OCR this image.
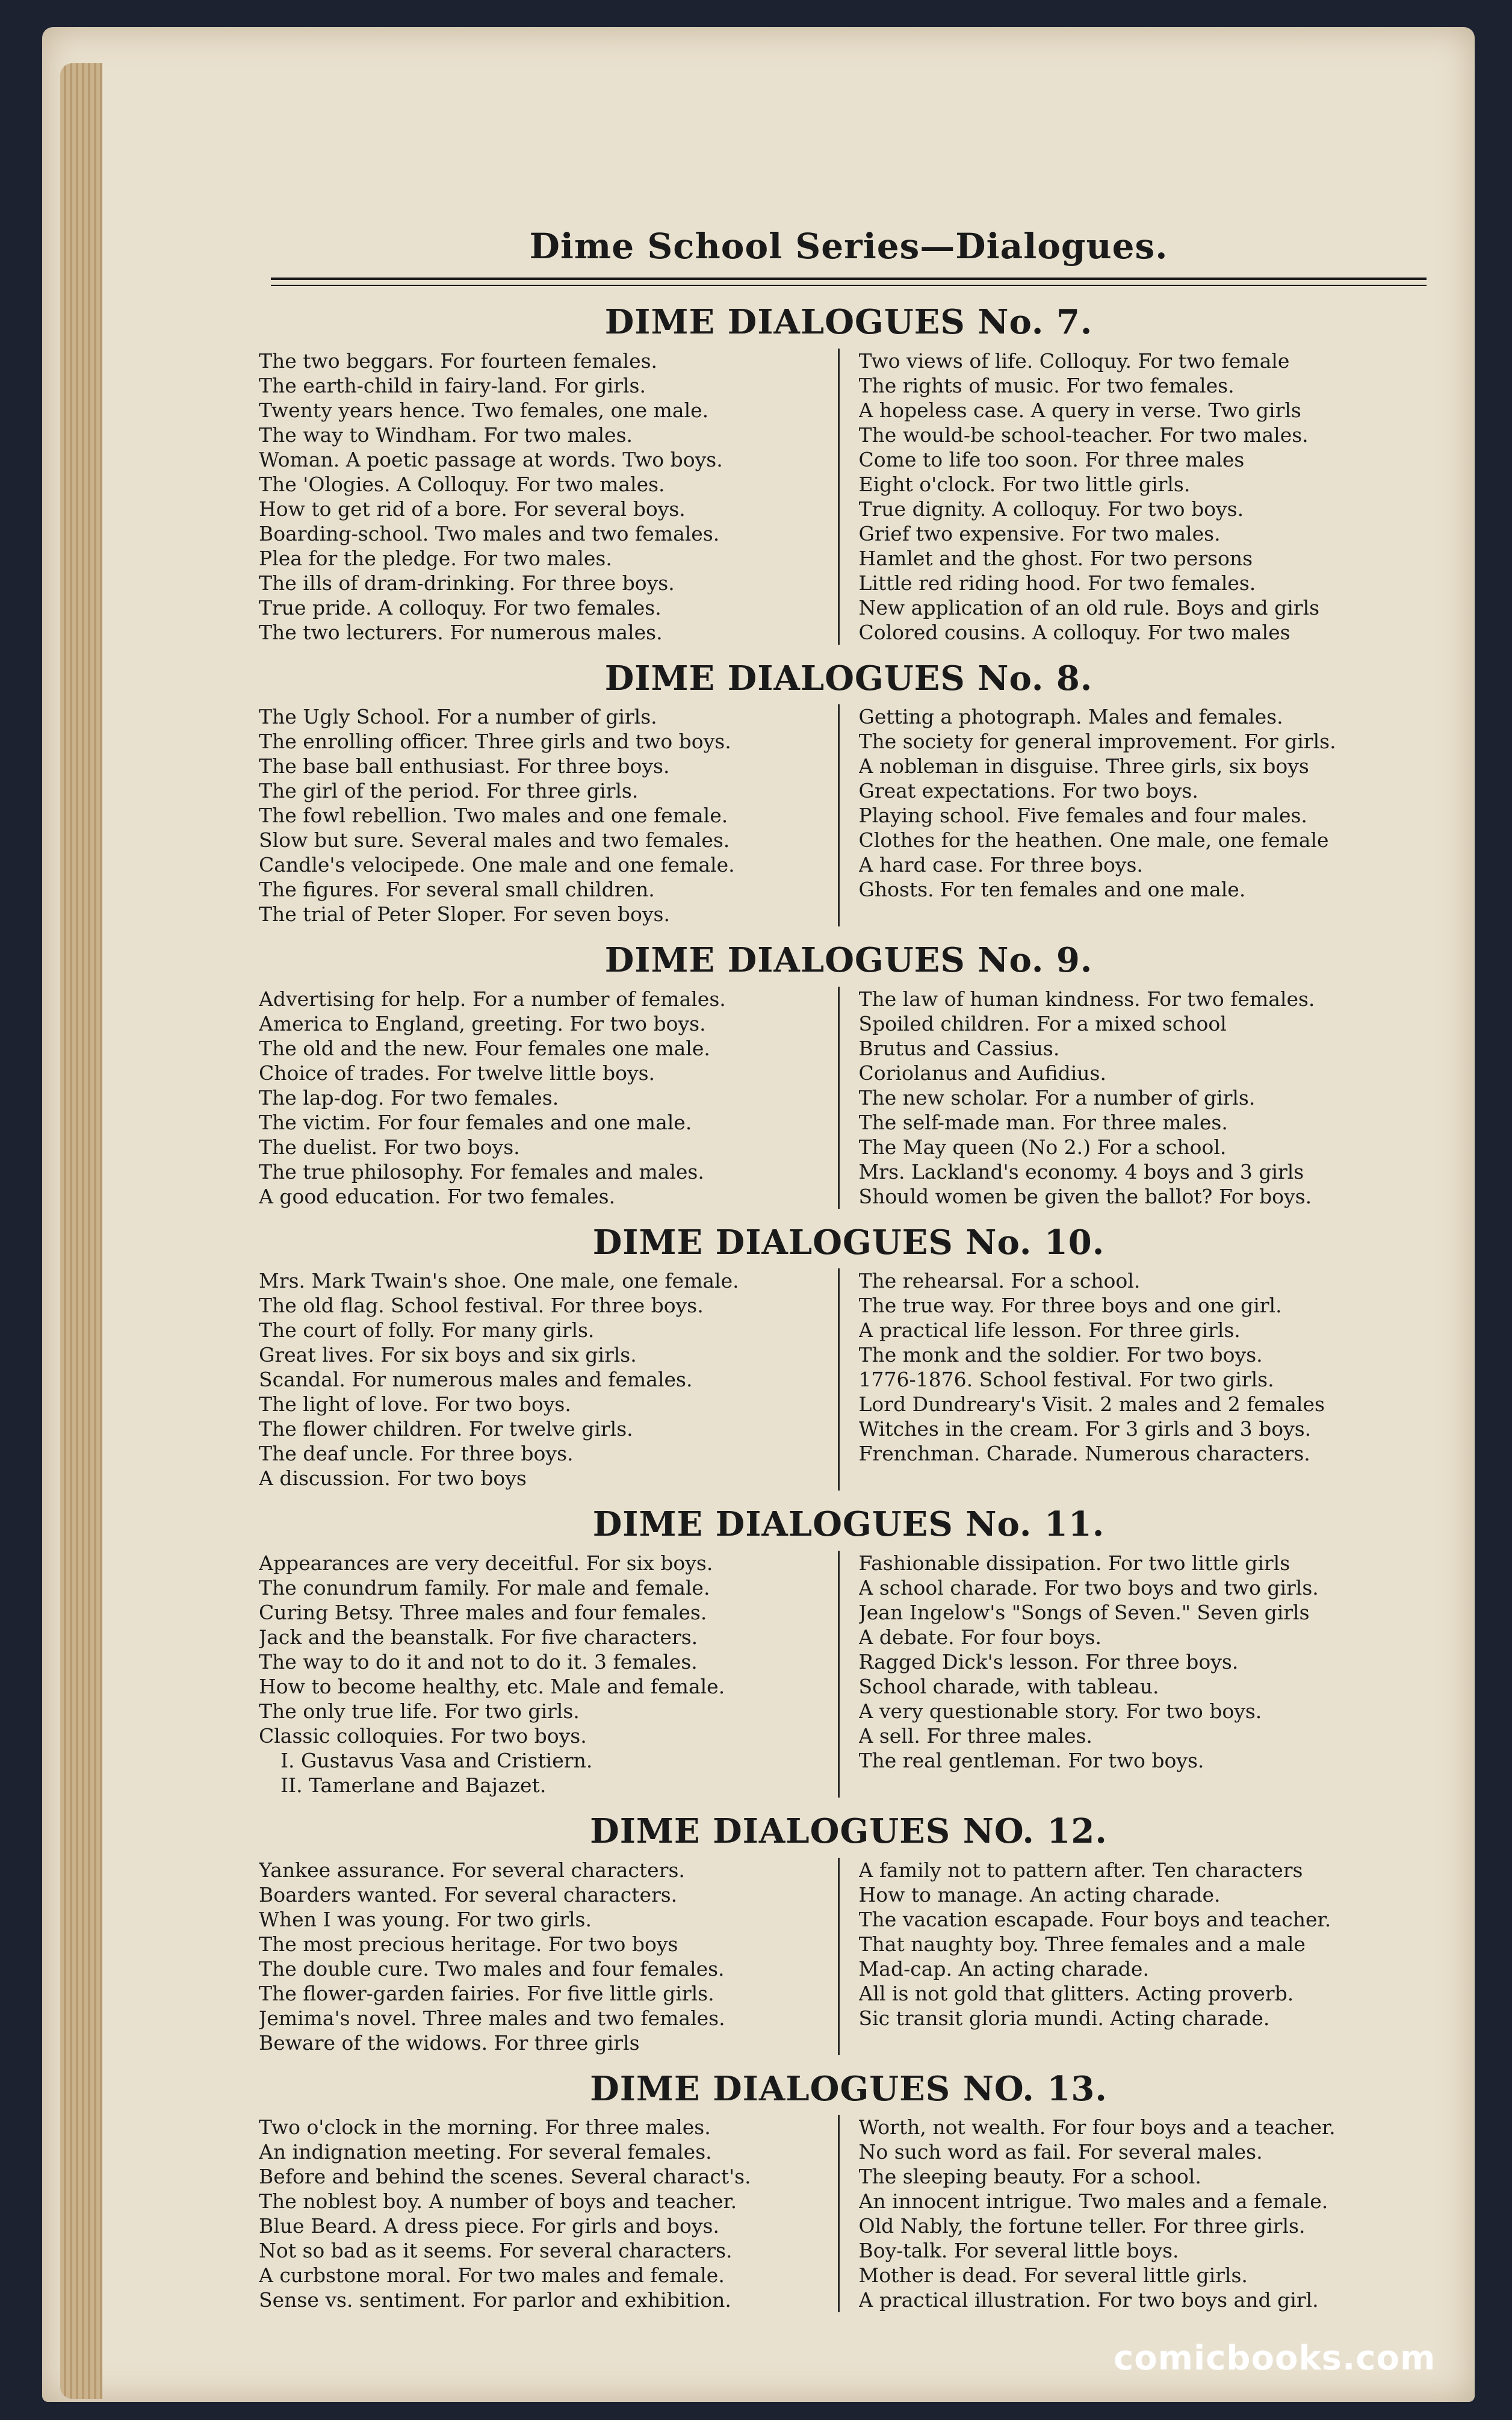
Dime School Series—Dialogues.
DIME DIALOGUES No. 7.
The two beggars. For fourteen females.
The earth-child in fairy-land. For girls.
Twenty years hence. Two females, one male.
The way to Windham. For two males.
Woman. A poetic passage at words. Two boys.
The 'Ologies. A Colloquy. For two males.
How to get rid of a bore. For several boys.
Boarding-school. Two males and two females.
Plea for the pledge. For two males.
The ills of dram-drinking. For three boys.
True pride. A colloquy. For two females.
The two lecturers. For numerous males.
Two views of life. Colloquy. For two female
The rights of music. For two females.
A hopeless case. A query in verse. Two girls
The would-be school-teacher. For two males.
Come to life too soon. For three males
Eight o'clock. For two little girls.
True dignity. A colloquy. For two boys.
Grief two expensive. For two males.
Hamlet and the ghost. For two persons
Little red riding hood. For two females.
New application of an old rule. Boys and girls
Colored cousins. A colloquy. For two males
DIME DIALOGUES No. 8.
The Ugly School. For a number of girls.
The enrolling officer. Three girls and two boys.
The base ball enthusiast. For three boys.
The girl of the period. For three girls.
The fowl rebellion. Two males and one female.
Slow but sure. Several males and two females.
Candle's velocipede. One male and one female.
The figures. For several small children.
The trial of Peter Sloper. For seven boys.
Getting a photograph. Males and females.
The society for general improvement. For girls.
A nobleman in disguise. Three girls, six boys
Great expectations. For two boys.
Playing school. Five females and four males.
Clothes for the heathen. One male, one female
A hard case. For three boys.
Ghosts. For ten females and one male.
DIME DIALOGUES No. 9.
Advertising for help. For a number of females.
America to England, greeting. For two boys.
The old and the new. Four females one male.
Choice of trades. For twelve little boys.
The lap-dog. For two females.
The victim. For four females and one male.
The duelist. For two boys.
The true philosophy. For females and males.
A good education. For two females.
The law of human kindness. For two females.
Spoiled children. For a mixed school
Brutus and Cassius.
Coriolanus and Aufidius.
The new scholar. For a number of girls.
The self-made man. For three males.
The May queen (No 2.) For a school.
Mrs. Lackland's economy. 4 boys and 3 girls
Should women be given the ballot? For boys.
DIME DIALOGUES No. 10.
Mrs. Mark Twain's shoe. One male, one female.
The old flag. School festival. For three boys.
The court of folly. For many girls.
Great lives. For six boys and six girls.
Scandal. For numerous males and females.
The light of love. For two boys.
The flower children. For twelve girls.
The deaf uncle. For three boys.
A discussion. For two boys
The rehearsal. For a school.
The true way. For three boys and one girl.
A practical life lesson. For three girls.
The monk and the soldier. For two boys.
1776-1876. School festival. For two girls.
Lord Dundreary's Visit. 2 males and 2 females
Witches in the cream. For 3 girls and 3 boys.
Frenchman. Charade. Numerous characters.
DIME DIALOGUES No. 11.
Appearances are very deceitful. For six boys.
The conundrum family. For male and female.
Curing Betsy. Three males and four females.
Jack and the beanstalk. For five characters.
The way to do it and not to do it. 3 females.
How to become healthy, etc. Male and female.
The only true life. For two girls.
Classic colloquies. For two boys.
I. Gustavus Vasa and Cristiern.
II. Tamerlane and Bajazet.
Fashionable dissipation. For two little girls
A school charade. For two boys and two girls.
Jean Ingelow's "Songs of Seven." Seven girls
A debate. For four boys.
Ragged Dick's lesson. For three boys.
School charade, with tableau.
A very questionable story. For two boys.
A sell. For three males.
The real gentleman. For two boys.
DIME DIALOGUES NO. 12.
Yankee assurance. For several characters.
Boarders wanted. For several characters.
When I was young. For two girls.
The most precious heritage. For two boys
The double cure. Two males and four females.
The flower-garden fairies. For five little girls.
Jemima's novel. Three males and two females.
Beware of the widows. For three girls
A family not to pattern after. Ten characters
How to manage. An acting charade.
The vacation escapade. Four boys and teacher.
That naughty boy. Three females and a male
Mad-cap. An acting charade.
All is not gold that glitters. Acting proverb.
Sic transit gloria mundi. Acting charade.
DIME DIALOGUES NO. 13.
Two o'clock in the morning. For three males.
An indignation meeting. For several females.
Before and behind the scenes. Several charact's.
The noblest boy. A number of boys and teacher.
Blue Beard. A dress piece. For girls and boys.
Not so bad as it seems. For several characters.
A curbstone moral. For two males and female.
Sense vs. sentiment. For parlor and exhibition.
Worth, not wealth. For four boys and a teacher.
No such word as fail. For several males.
The sleeping beauty. For a school.
An innocent intrigue. Two males and a female.
Old Nably, the fortune teller. For three girls.
Boy-talk. For several little boys.
Mother is dead. For several little girls.
A practical illustration. For two boys and girl.
comicbooks.com
